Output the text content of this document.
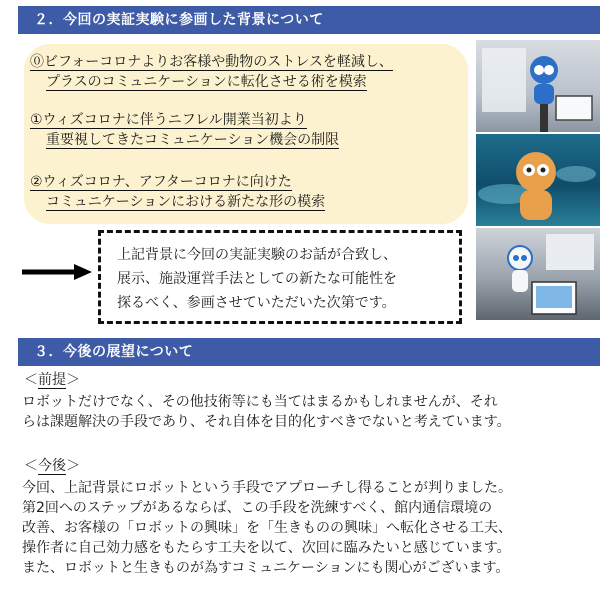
２．今回の実証実験に参画した背景について
⓪ビフォーコロナよりお客様や動物のストレスを軽減し、
プラスのコミュニケーションに転化させる術を模索
①ウィズコロナに伴うニフレル開業当初より
重要視してきたコミュニケーション機会の制限
②ウィズコロナ、アフターコロナに向けた
コミュニケーションにおける新たな形の模索
上記背景に今回の実証実験のお話が合致し、
展示、施設運営手法としての新たな可能性を
探るべく、参画させていただいた次第です。
３．今後の展望について
＜前提＞
ロボットだけでなく、その他技術等にも当てはまるかもしれませんが、それ
らは課題解決の手段であり、それ自体を目的化すべきでないと考えています。
＜今後＞
今回、上記背景にロボットという手段でアプローチし得ることが判りました。
第2回へのステップがあるならば、この手段を洗練すべく、館内通信環境の
改善、お客様の「ロボットの興味」を「生きものの興味」へ転化させる工夫、
操作者に自己効力感をもたらす工夫を以て、次回に臨みたいと感じています。
また、ロボットと生きものが為すコミュニケーションにも関心がございます。
